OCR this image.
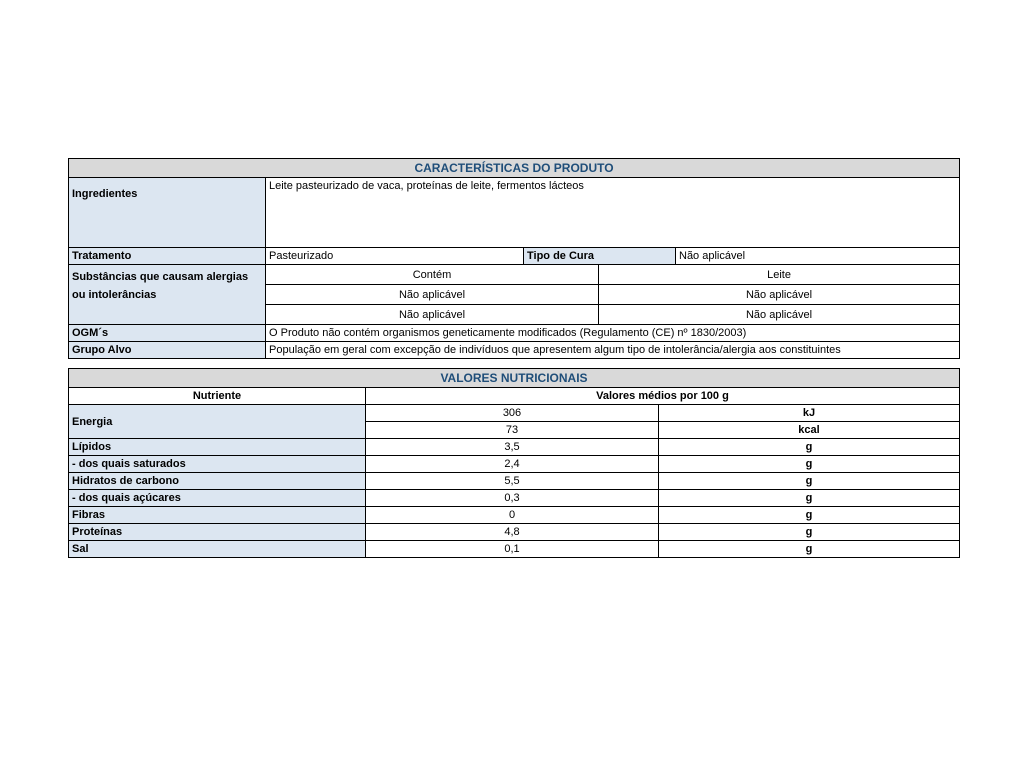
CARACTERÍSTICAS DO PRODUTO				
Ingredientes	Leite pasteurizado de vaca, proteínas de leite, fermentos lácteos			
Tratamento	Pasteurizado	Tipo de Cura		Não aplicável
Substâncias que causam alergias ou intolerâncias	Contém		Leite	
	Não aplicável		Não aplicável	
	Não aplicável		Não aplicável	
OGM´s	O Produto não contém organismos geneticamente modificados (Regulamento (CE) nº 1830/2003)			
Grupo Alvo	População em geral com excepção de indivíduos que apresentem algum tipo de intolerância/alergia aos constituintes			
VALORES NUTRICIONAIS		
Nutriente	Valores médios por 100 g	
Energia	306	kJ
	73	kcal
Lípidos	3,5	g
- dos quais saturados	2,4	g
Hidratos de carbono	5,5	g
- dos quais açúcares	0,3	g
Fibras	0	g
Proteínas	4,8	g
Sal	0,1	g
